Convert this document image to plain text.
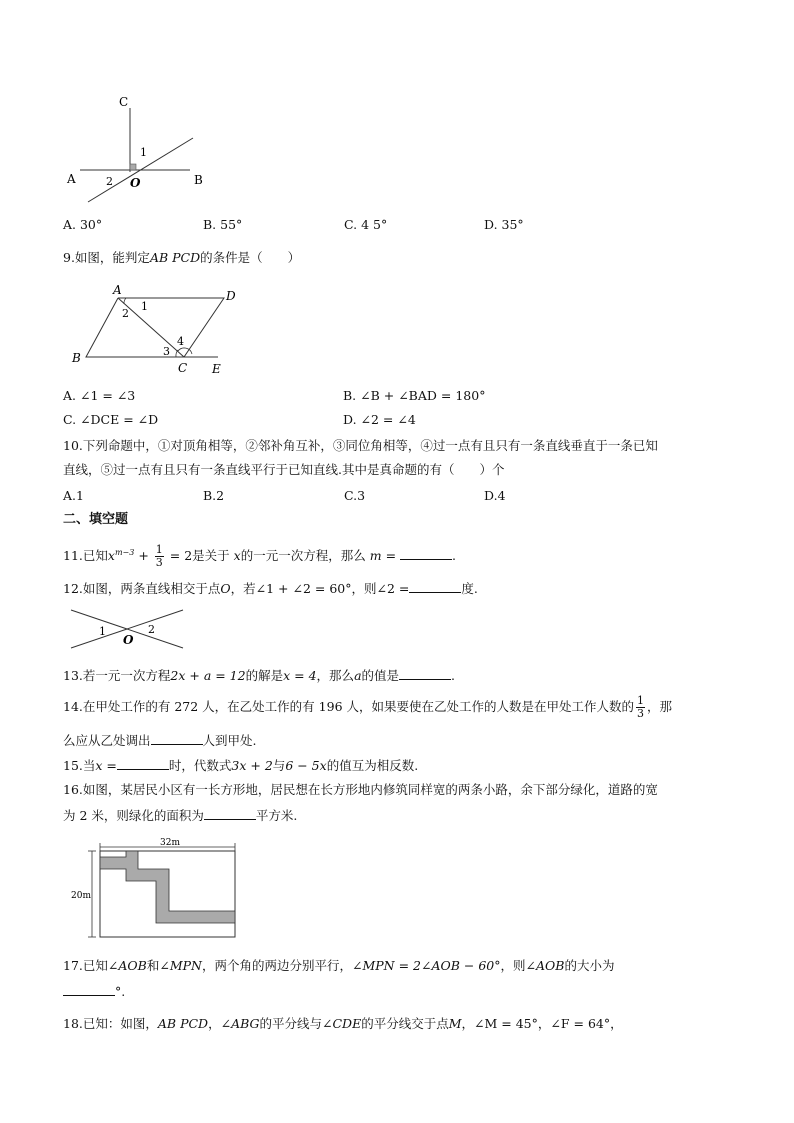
C
1
A	2 O	B
A. 30°	B. 55°	C. 4 5°	D. 35°
9.如图，能判定AB PCD的条件是（　　）
A	D
B
C E
1
2
3
4
A. ∠1 = ∠3	B. ∠B + ∠BAD = 180°
C. ∠DCE = ∠D	D. ∠2 = ∠4
10.下列命题中，①对顶角相等，②邻补角互补，③同位角相等，④过一点有且只有一条直线垂直于一条已知
直线，⑤过一点有且只有一条直线平行于已知直线.其中是真命题的有（　　）个
A.1	B.2	C.3	D.4
二、填空题
11.已知$x^{m-3} + \frac{1}{3} = 2$是关于 x的一元一次方程，那么 m =	.
12.如图，两条直线相交于点O，若∠1 + ∠2 = 60°，则∠2 =	度.
1
O
2
13.若一元一次方程2x + a = 12的解是x = 4，那么a的值是	.
14.在甲处工作的有 272 人，在乙处工作的有 196 人，如果要使在乙处工作的人数是在甲处工作人数的 $\frac{1}{3}$ ，那
么应从乙处调出	人到甲处.
15.当x =	时，代数式3x + 2与6 − 5x的值互为相反数.
16.如图，某居民小区有一长方形地，居民想在长方形地内修筑同样宽的两条小路，余下部分绿化，道路的宽
为 2 米，则绿化的面积为	平方米.
32m
20m
17.已知∠AOB和∠MPN，两个角的两边分别平行，∠MPN = 2∠AOB − 60°，则∠AOB的大小为
°.
18.已知：如图，AB PCD，∠ABG的平分线与∠CDE的平分线交于点M，∠M = 45°，∠F = 64°，
